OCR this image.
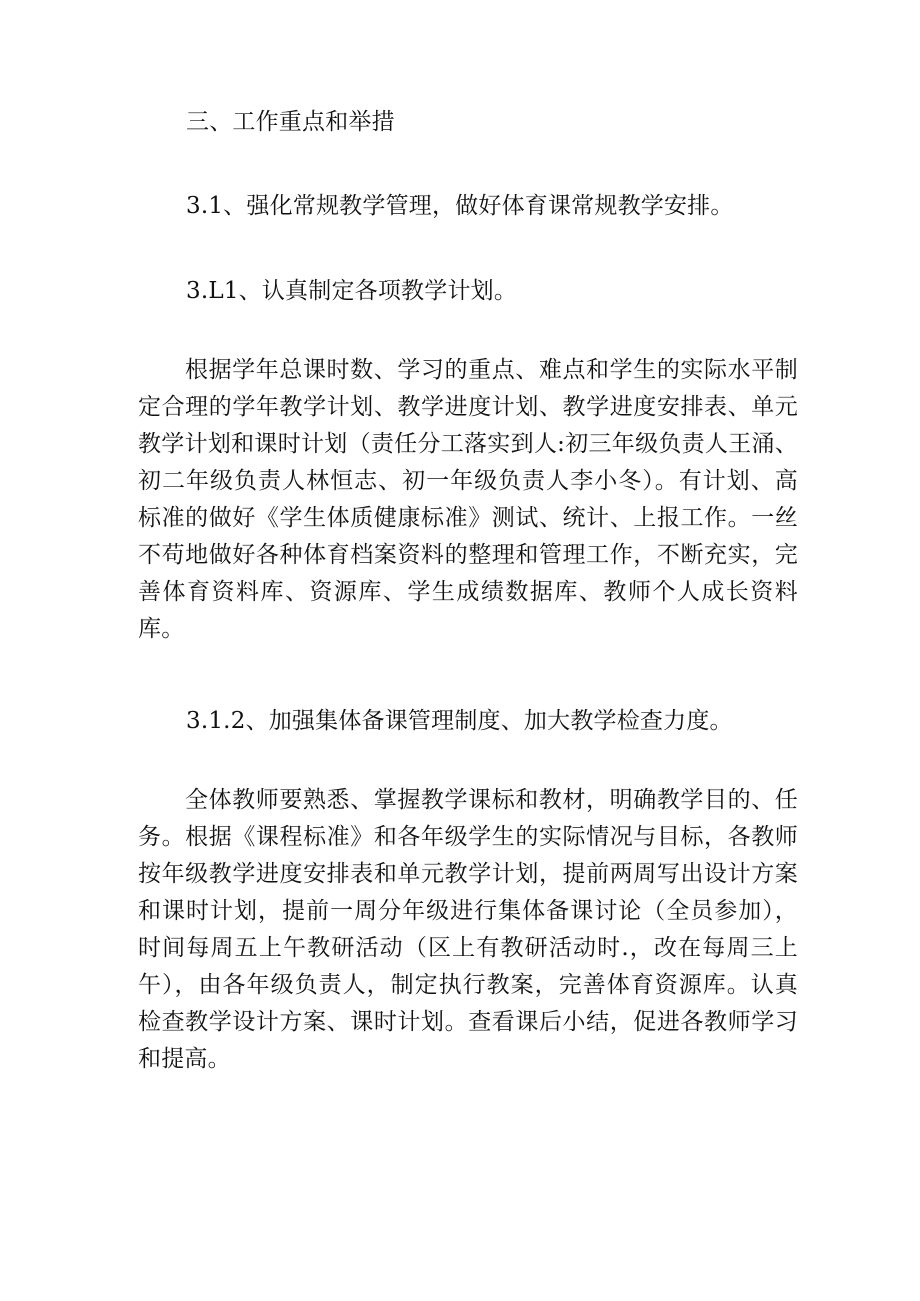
三、工作重点和举措
3.1、强化常规教学管理，做好体育课常规教学安排。
3.L1、认真制定各项教学计划。

根据学年总课时数、学习的重点、难点和学生的实际水平制定合理的学年教学计划、教学进度计划、教学进度安排表、单元教学计划和课时计划（责任分工落实到人:初三年级负责人王涌、初二年级负责人林恒志、初一年级负责人李小冬）。有计划、高标准的做好《学生体质健康标准》测试、统计、上报工作。一丝不苟地做好各种体育档案资料的整理和管理工作，不断充实，完善体育资料库、资源库、学生成绩数据库、教师个人成长资料库。

3.1.2、加强集体备课管理制度、加大教学检查力度。

全体教师要熟悉、掌握教学课标和教材，明确教学目的、任务。根据《课程标准》和各年级学生的实际情况与目标，各教师按年级教学进度安排表和单元教学计划，提前两周写出设计方案和课时计划，提前一周分年级进行集体备课讨论（全员参加），时间每周五上午教研活动（区上有教研活动时.，改在每周三上午），由各年级负责人，制定执行教案，完善体育资源库。认真检查教学设计方案、课时计划。查看课后小结，促进各教师学习和提高。
